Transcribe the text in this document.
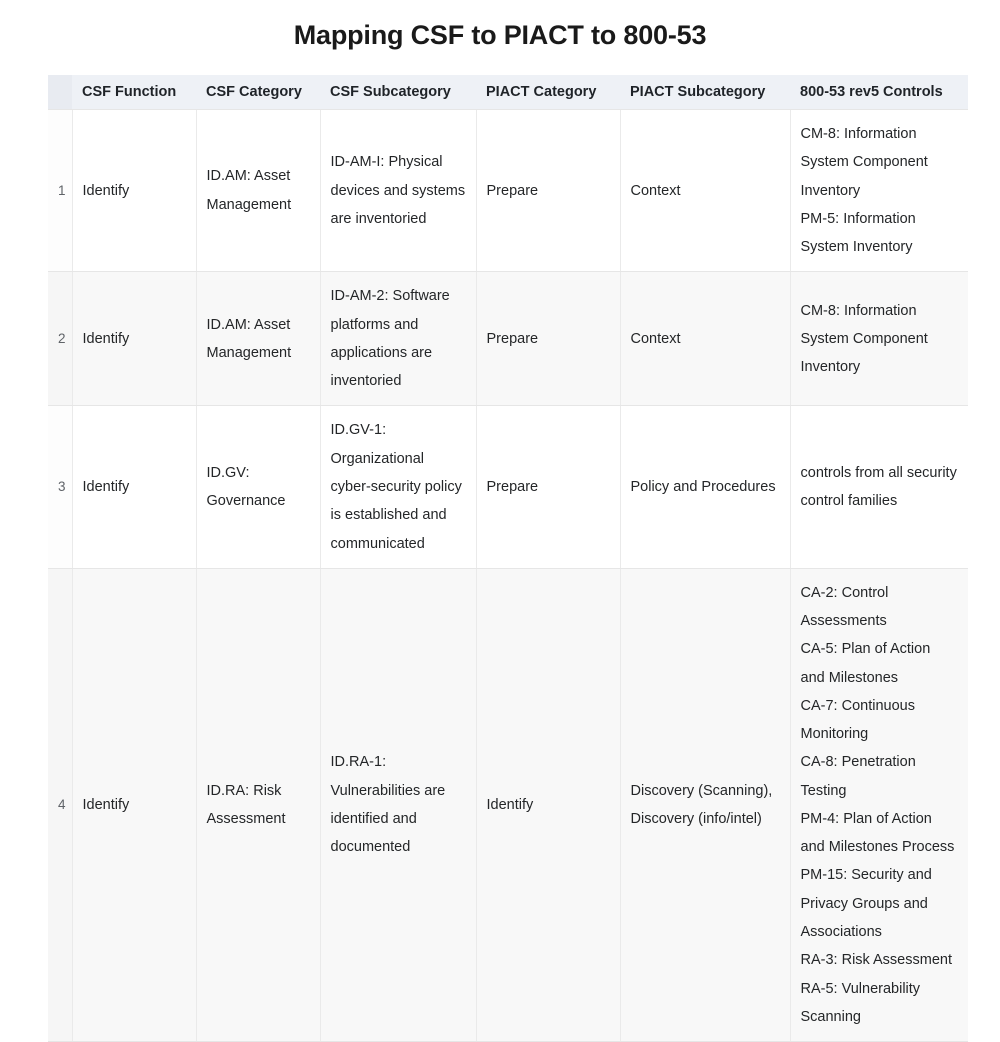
Mapping CSF to PIACT to 800-53
	CSF Function	CSF Category	CSF Subcategory	PIACT Category	PIACT Subcategory	800-53 rev5 Controls
1	Identify	ID.AM: Asset Management	ID-AM-I: Physical devices and systems are inventoried	Prepare	Context	CM-8: Information System Component Inventory
PM-5: Information System Inventory

2	Identify	ID.AM: Asset Management	ID-AM-2: Software platforms and applications are inventoried	Prepare	Context	CM-8: Information System Component Inventory

3	Identify	ID.GV: Governance	ID.GV-1: Organizational cyber-security policy is established and communicated	Prepare	Policy and Procedures	controls from all security control families

4	Identify	ID.RA: Risk Assessment	ID.RA-1: Vulnerabilities are identified and documented	Identify	Discovery (Scanning), Discovery (info/intel)	
CA-2: Control Assessments
CA-5: Plan of Action and Milestones
CA-7: Continuous Monitoring
CA-8: Penetration Testing
PM-4: Plan of Action and Milestones Process
PM-15: Security and Privacy Groups and Associations
RA-3: Risk Assessment
RA-5: Vulnerability Scanning
